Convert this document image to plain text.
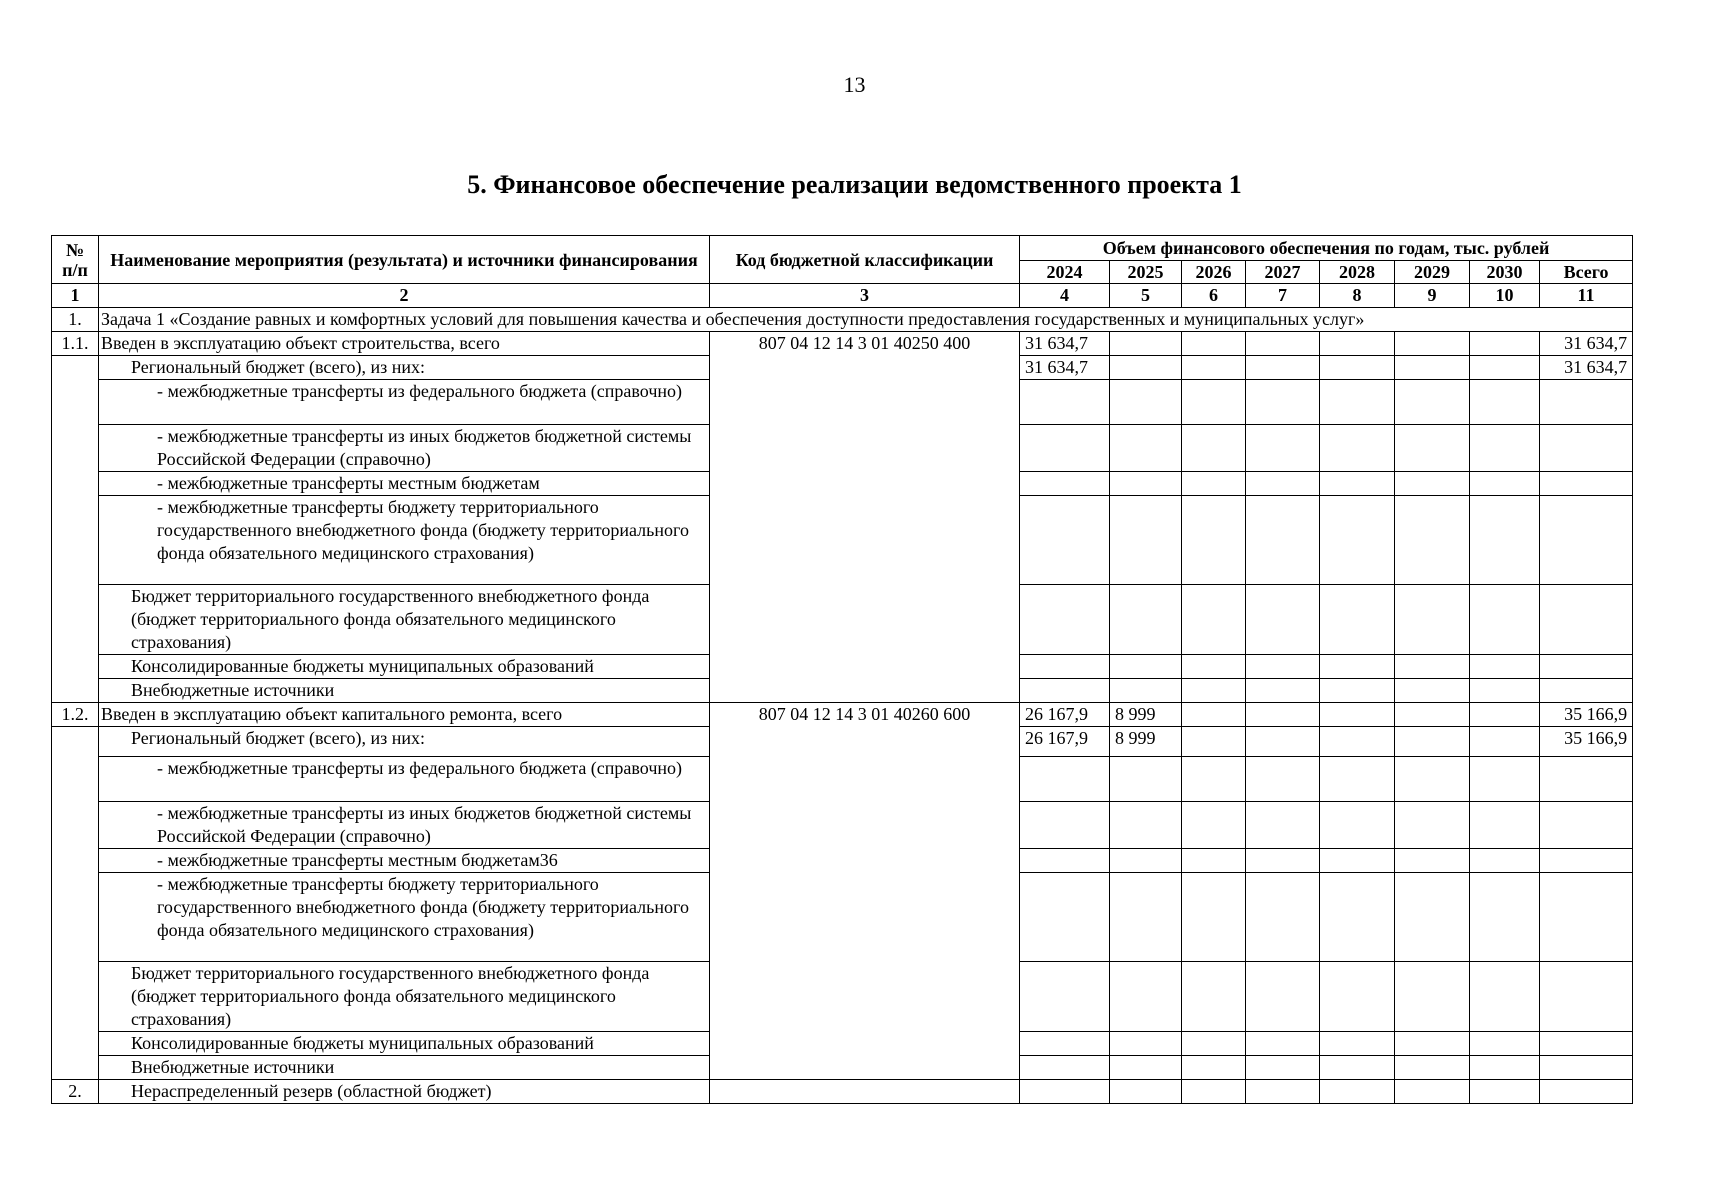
13
5. Финансовое обеспечение реализации ведомственного проекта 1
№ п/п	Наименование мероприятия (результата) и источники финансирования	Код бюджетной классификации	Объем финансового обеспечения по годам, тыс. рублей							
			2024	2025	2026	2027	2028	2029	2030	Всего
1	2	3	4	5	6	7	8	9	10	11
1.	Задача 1 «Создание равных и комфортных условий для повышения качества и обеспечения доступности предоставления государственных и муниципальных услуг»									
1.1.	Введен в эксплуатацию объект строительства, всего	807 04 12 14 3 01 40250 400	31 634,7							31 634,7
	Региональный бюджет (всего), из них:		31 634,7							31 634,7
	- межбюджетные трансферты из федерального бюджета (справочно)									
	- межбюджетные трансферты из иных бюджетов бюджетной системы Российской Федерации (справочно)									
	- межбюджетные трансферты местным бюджетам									
	- межбюджетные трансферты бюджету территориального государственного внебюджетного фонда (бюджету территориального фонда обязательного медицинского страхования)									
	Бюджет территориального государственного внебюджетного фонда (бюджет территориального фонда обязательного медицинского страхования)									
	Консолидированные бюджеты муниципальных образований									
	Внебюджетные источники									
1.2.	Введен в эксплуатацию объект капитального ремонта, всего	807 04 12 14 3 01 40260 600	26 167,9	8 999						35 166,9
	Региональный бюджет (всего), из них:		26 167,9	8 999						35 166,9
	- межбюджетные трансферты из федерального бюджета (справочно)									
	- межбюджетные трансферты из иных бюджетов бюджетной системы Российской Федерации (справочно)									
	- межбюджетные трансферты местным бюджетам36									
	- межбюджетные трансферты бюджету территориального государственного внебюджетного фонда (бюджету территориального фонда обязательного медицинского страхования)									
	Бюджет территориального государственного внебюджетного фонда (бюджет территориального фонда обязательного медицинского страхования)									
	Консолидированные бюджеты муниципальных образований									
	Внебюджетные источники									
2.	Нераспределенный резерв (областной бюджет)									
